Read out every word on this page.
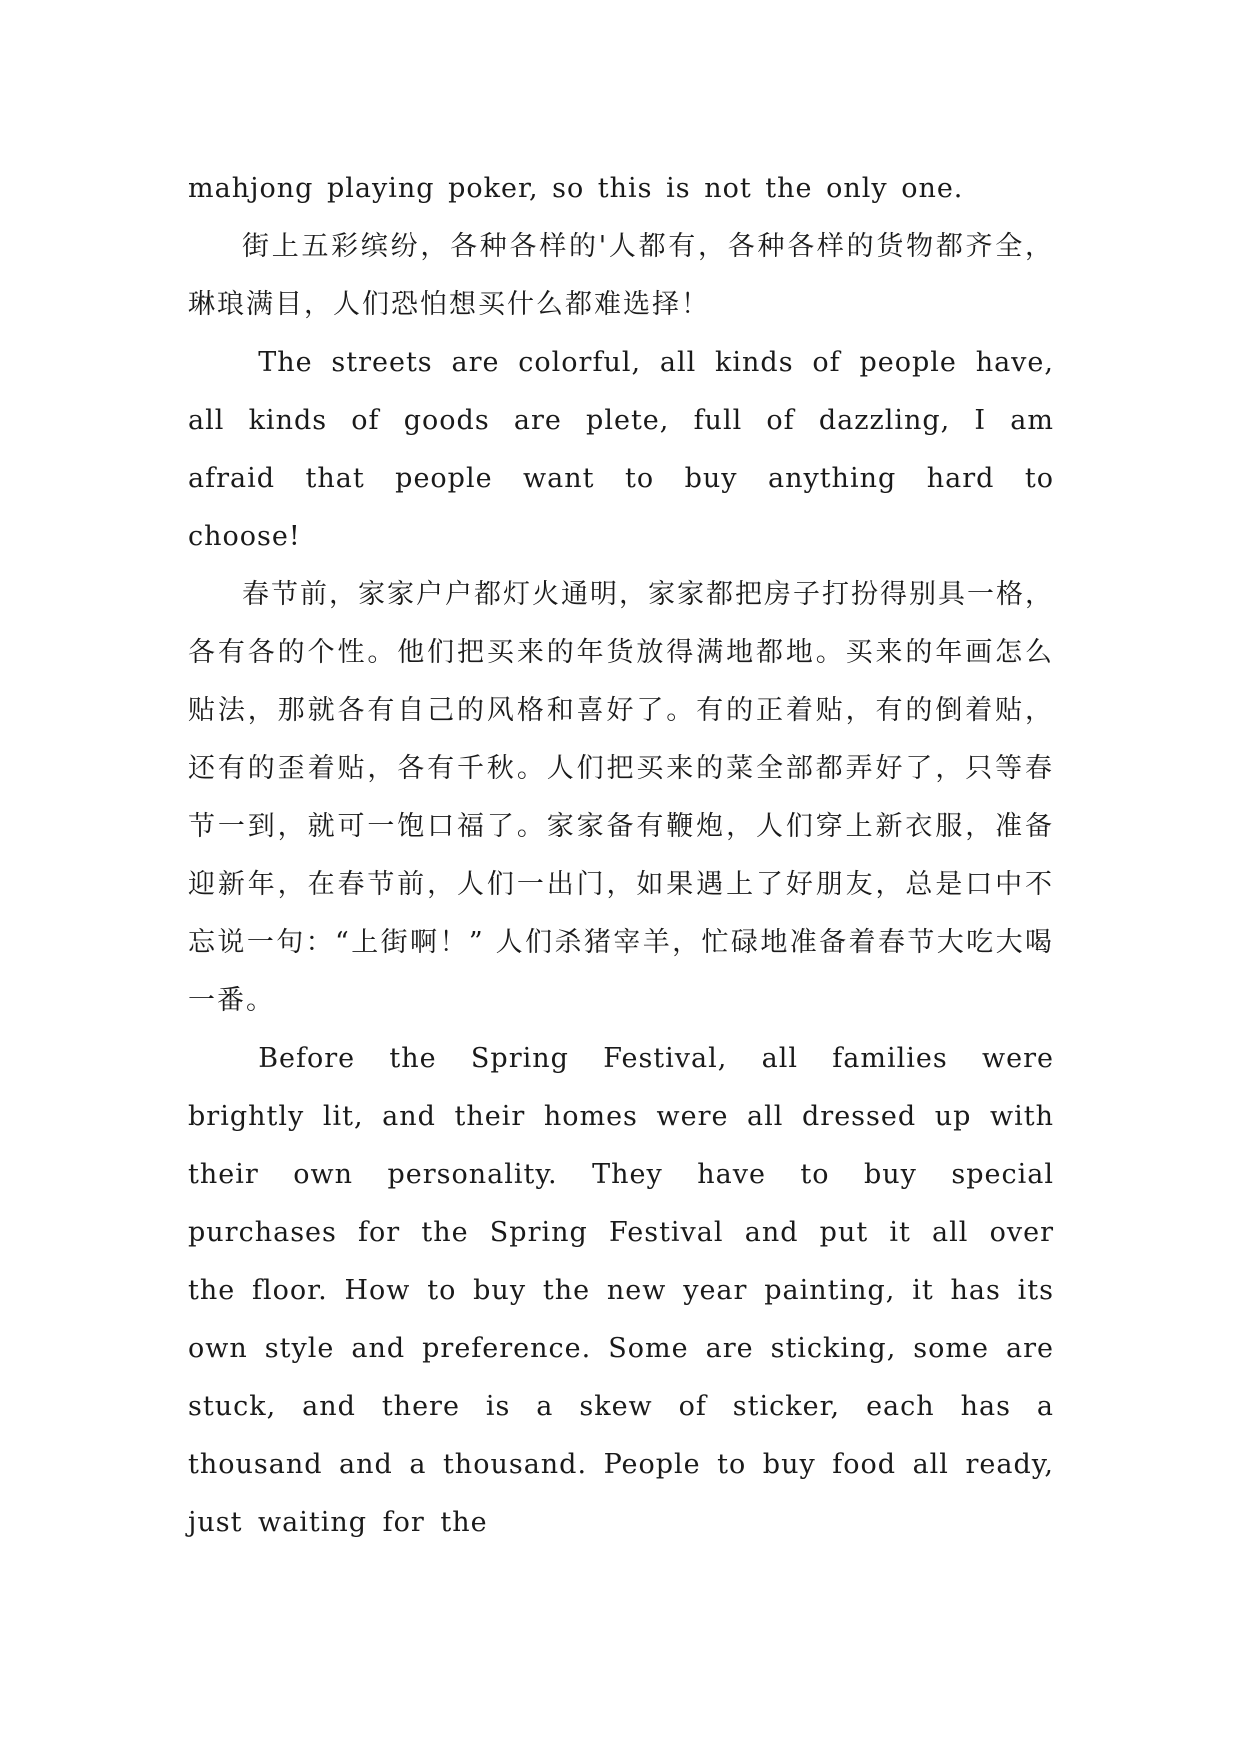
mahjong playing poker, so this is not the only one.

街上五彩缤纷，各种各样的'人都有，各种各样的货物都齐全，琳琅满目，人们恐怕想买什么都难选择！

The streets are colorful, all kinds of people have, all kinds of goods are plete, full of dazzling, I am afraid that people want to buy anything hard to choose!

春节前，家家户户都灯火通明，家家都把房子打扮得别具一格，各有各的个性。他们把买来的年货放得满地都地。买来的年画怎么贴法，那就各有自己的风格和喜好了。有的正着贴，有的倒着贴，还有的歪着贴，各有千秋。人们把买来的菜全部都弄好了，只等春节一到，就可一饱口福了。家家备有鞭炮，人们穿上新衣服，准备迎新年，在春节前，人们一出门，如果遇上了好朋友，总是口中不忘说一句：“上街啊！” 人们杀猪宰羊，忙碌地准备着春节大吃大喝一番。

Before the Spring Festival, all families were brightly lit, and their homes were all dressed up with their own personality. They have to buy special purchases for the Spring Festival and put it all over the floor. How to buy the new year painting, it has its own style and preference. Some are sticking, some are stuck, and there is a skew of sticker, each has a thousand and a thousand. People to buy food all ready, just waiting for the
